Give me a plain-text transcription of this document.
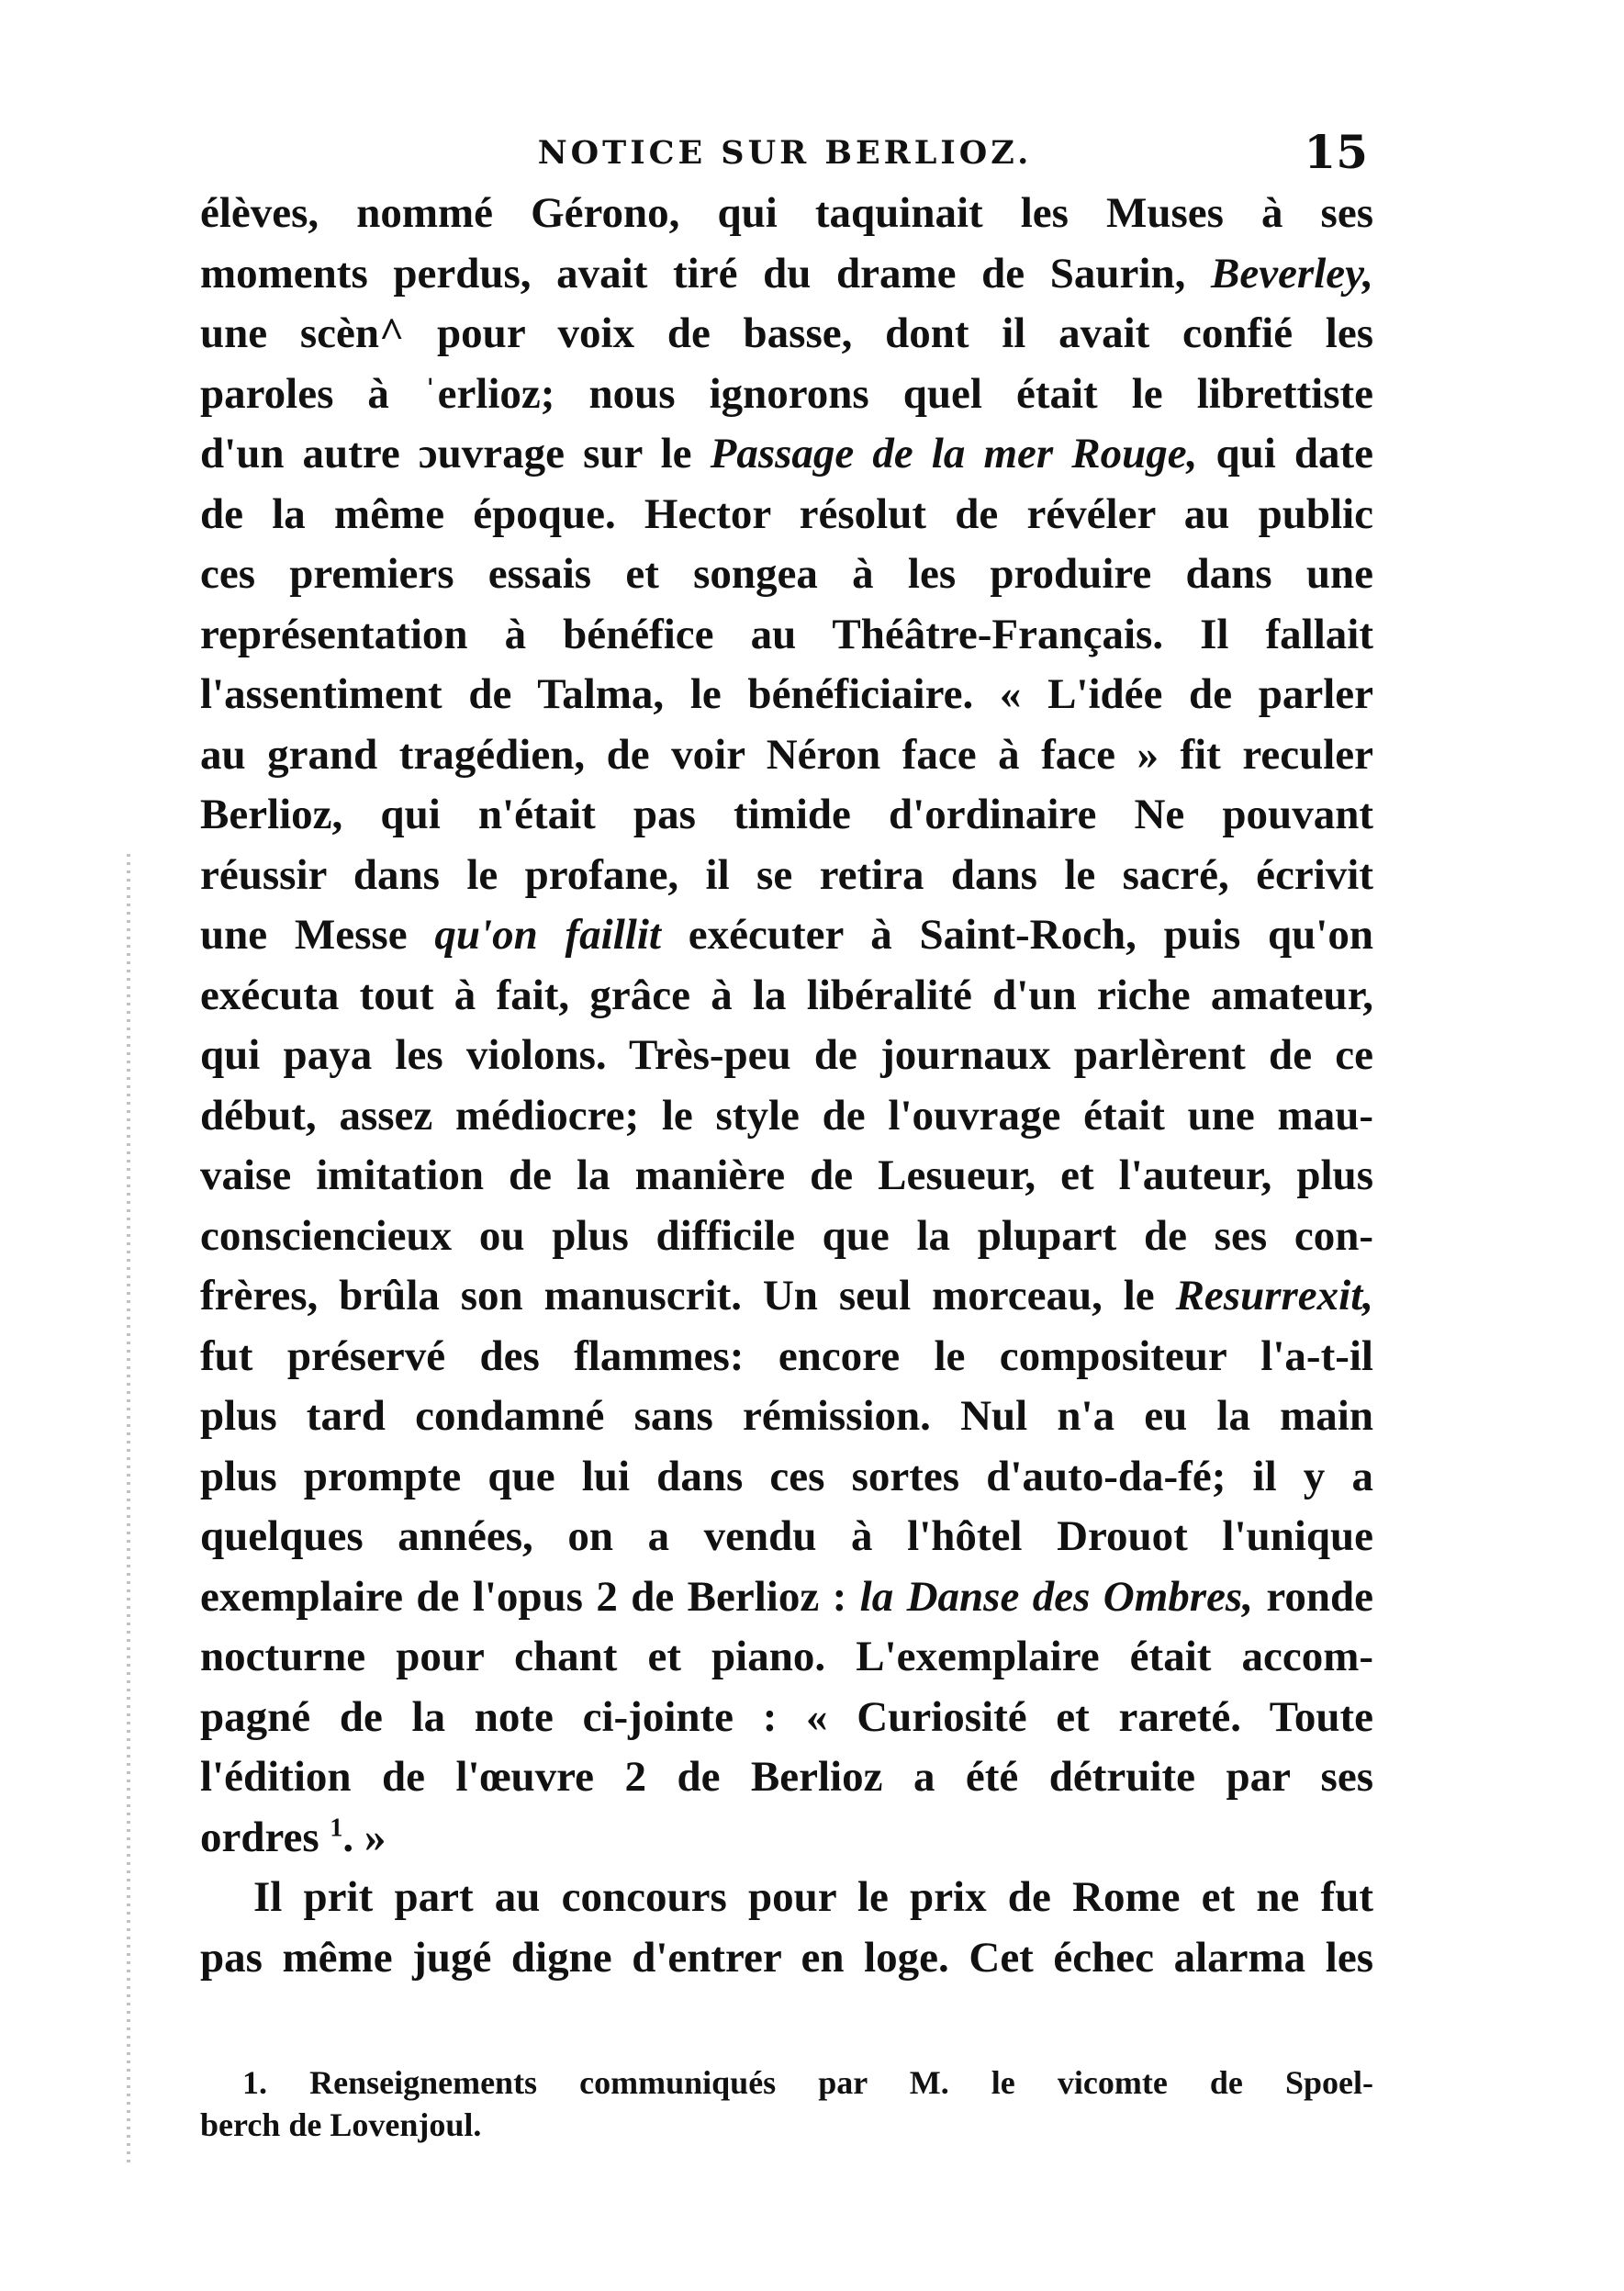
NOTICE SUR BERLIOZ.	15
élèves, nommé Gérono, qui taquinait les Muses à ses
moments perdus, avait tiré du drame de Saurin, Beverley,
une scèn^ pour voix de basse, dont il avait confié les
paroles à ˈerlioz; nous ignorons quel était le librettiste
d'un autre ɔuvrage sur le Passage de la mer Rouge, qui date
de la même époque. Hector résolut de révéler au public
ces premiers essais et songea à les produire dans une
représentation à bénéfice au Théâtre-Français. Il fallait
l'assentiment de Talma, le bénéficiaire. « L'idée de parler
au grand tragédien, de voir Néron face à face » fit reculer
Berlioz, qui n'était pas timide d'ordinaire Ne pouvant
réussir dans le profane, il se retira dans le sacré, écrivit
une Messe qu'on faillit exécuter à Saint-Roch, puis qu'on
exécuta tout à fait, grâce à la libéralité d'un riche amateur,
qui paya les violons. Très-peu de journaux parlèrent de ce
début, assez médiocre; le style de l'ouvrage était une mau-
vaise imitation de la manière de Lesueur, et l'auteur, plus
consciencieux ou plus difficile que la plupart de ses con-
frères, brûla son manuscrit. Un seul morceau, le Resurrexit,
fut préservé des flammes: encore le compositeur l'a-t-il
plus tard condamné sans rémission. Nul n'a eu la main
plus prompte que lui dans ces sortes d'auto-da-fé; il y a
quelques années, on a vendu à l'hôtel Drouot l'unique
exemplaire de l'opus 2 de Berlioz : la Danse des Ombres, ronde
nocturne pour chant et piano. L'exemplaire était accom-
pagné de la note ci-jointe : « Curiosité et rareté. Toute
l'édition de l'œuvre 2 de Berlioz a été détruite par ses
ordres $^1$. »
Il prit part au concours pour le prix de Rome et ne fut
pas même jugé digne d'entrer en loge. Cet échec alarma les
1. Renseignements communiqués par M. le vicomte de Spoel-
berch de Lovenjoul.
